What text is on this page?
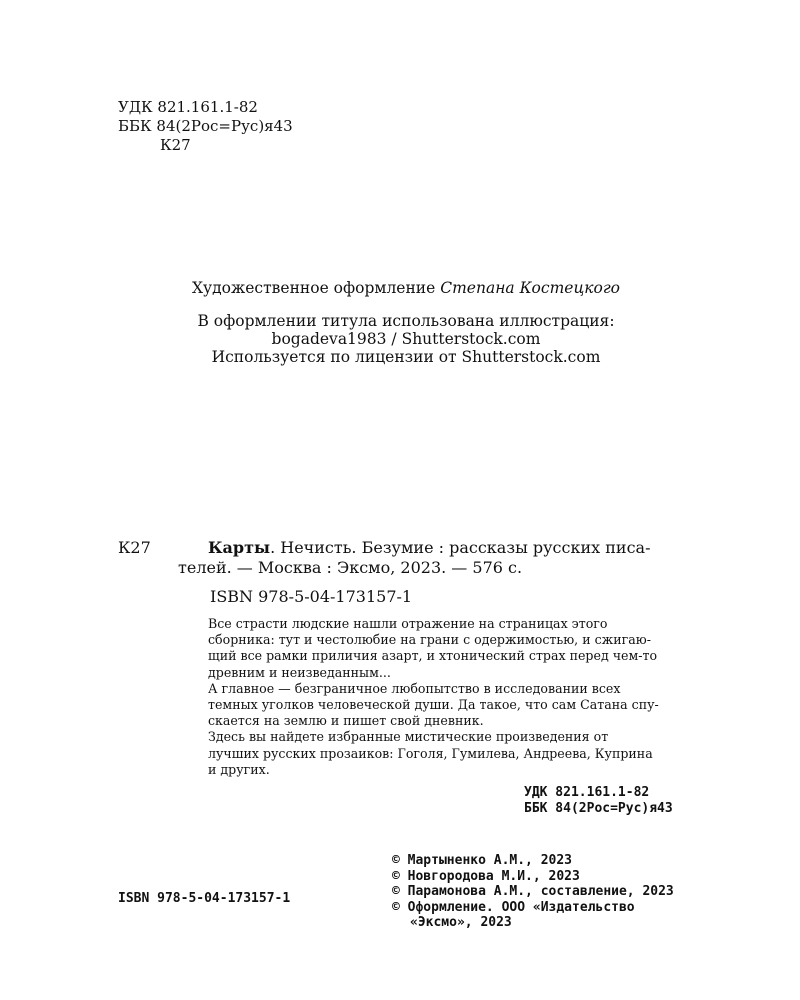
УДК 821.161.1-82
ББК 84(2Рос=Рус)я43
К27
Художественное оформление Степана Костецкого
В оформлении титула использована иллюстрация:
bogadeva1983 / Shutterstock.com
Используется по лицензии от Shutterstock.com
К27	Карты. Нечисть. Безумие : рассказы русских писа-
телей. — Москва : Эксмо, 2023. — 576 с.
ISBN 978-5-04-173157-1

Все страсти людские нашли отражение на страницах этого
сборника: тут и честолюбие на грани с одержимостью, и сжигаю-
щий все рамки приличия азарт, и хтонический страх перед чем-то
древним и неизведанным...

А главное — безграничное любопытство в исследовании всех
темных уголков человеческой души. Да такое, что сам Сатана спу-
скается на землю и пишет свой дневник.

Здесь вы найдете избранные мистические произведения от
лучших русских прозаиков: Гоголя, Гумилева, Андреева, Куприна
и других.

УДК 821.161.1-82
ББК 84(2Рос=Рус)я43
© Мартыненко А.М., 2023
© Новгородова М.И., 2023
© Парамонова А.М., составление, 2023
© Оформление. ООО «Издательство
«Эксмо», 2023
ISBN 978-5-04-173157-1
